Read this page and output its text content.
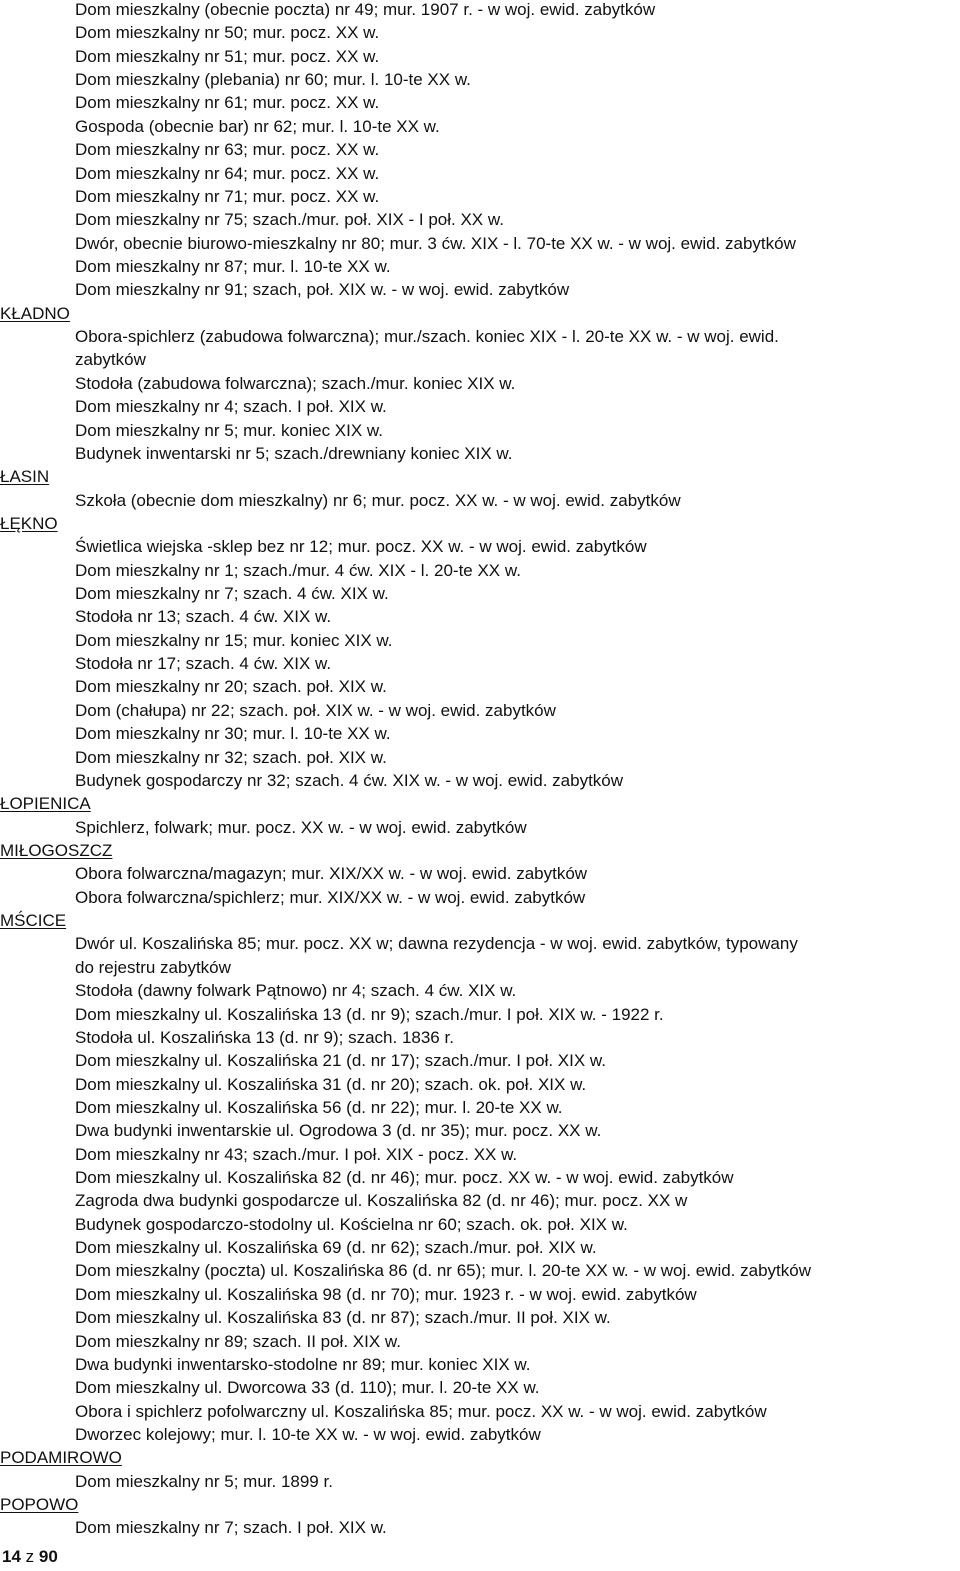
Dom mieszkalny (obecnie poczta) nr 49; mur. 1907 r. - w woj. ewid. zabytków
Dom mieszkalny nr 50; mur. pocz. XX w.
Dom mieszkalny nr 51; mur. pocz. XX w.
Dom mieszkalny (plebania) nr 60; mur. l. 10-te XX w.
Dom mieszkalny nr 61; mur. pocz. XX w.
Gospoda (obecnie bar) nr 62; mur. l. 10-te XX w.
Dom mieszkalny nr 63; mur. pocz. XX w.
Dom mieszkalny nr 64; mur. pocz. XX w.
Dom mieszkalny nr 71; mur. pocz. XX w.
Dom mieszkalny nr 75; szach./mur. poł. XIX - I poł. XX w.
Dwór, obecnie biurowo-mieszkalny nr 80; mur. 3 ćw. XIX - l. 70-te XX w. - w woj. ewid. zabytków
Dom mieszkalny nr 87; mur. l. 10-te XX w.
Dom mieszkalny nr 91; szach, poł. XIX w. - w woj. ewid. zabytków
KŁADNO
Obora-spichlerz (zabudowa folwarczna); mur./szach. koniec XIX - l. 20-te XX w. - w woj. ewid.
zabytków
Stodoła (zabudowa folwarczna); szach./mur. koniec XIX w.
Dom mieszkalny nr 4; szach. I poł. XIX w.
Dom mieszkalny nr 5; mur. koniec XIX w.
Budynek inwentarski nr 5; szach./drewniany koniec XIX w.
ŁASIN
Szkoła (obecnie dom mieszkalny) nr 6; mur. pocz. XX w. - w woj. ewid. zabytków
ŁĘKNO
Świetlica wiejska -sklep bez nr 12; mur. pocz. XX w. - w woj. ewid. zabytków
Dom mieszkalny nr 1; szach./mur. 4 ćw. XIX - l. 20-te XX w.
Dom mieszkalny nr 7; szach. 4 ćw. XIX w.
Stodoła nr 13; szach. 4 ćw. XIX w.
Dom mieszkalny nr 15; mur. koniec XIX w.
Stodoła nr 17; szach. 4 ćw. XIX w.
Dom mieszkalny nr 20; szach. poł. XIX w.
Dom (chałupa) nr 22; szach. poł. XIX w. - w woj. ewid. zabytków
Dom mieszkalny nr 30; mur. l. 10-te XX w.
Dom mieszkalny nr 32; szach. poł. XIX w.
Budynek gospodarczy nr 32; szach. 4 ćw. XIX w. - w woj. ewid. zabytków
ŁOPIENICA
Spichlerz, folwark; mur. pocz. XX w. - w woj. ewid. zabytków
MIŁOGOSZCZ
Obora folwarczna/magazyn; mur. XIX/XX w. - w woj. ewid. zabytków
Obora folwarczna/spichlerz; mur. XIX/XX w. - w woj. ewid. zabytków
MŚCICE
Dwór ul. Koszalińska 85; mur. pocz. XX w; dawna rezydencja - w woj. ewid. zabytków, typowany
do rejestru zabytków
Stodoła (dawny folwark Pątnowo) nr 4; szach. 4 ćw. XIX w.
Dom mieszkalny ul. Koszalińska 13 (d. nr 9); szach./mur. I poł. XIX w. - 1922 r.
Stodoła ul. Koszalińska 13 (d. nr 9); szach. 1836 r.
Dom mieszkalny ul. Koszalińska 21 (d. nr 17); szach./mur. I poł. XIX w.
Dom mieszkalny ul. Koszalińska 31 (d. nr 20); szach. ok. poł. XIX w.
Dom mieszkalny ul. Koszalińska 56 (d. nr 22); mur. l. 20-te XX w.
Dwa budynki inwentarskie ul. Ogrodowa 3 (d. nr 35); mur. pocz. XX w.
Dom mieszkalny nr 43; szach./mur. I poł. XIX - pocz. XX w.
Dom mieszkalny ul. Koszalińska 82 (d. nr 46); mur. pocz. XX w. - w woj. ewid. zabytków
Zagroda dwa budynki gospodarcze ul. Koszalińska 82 (d. nr 46); mur. pocz. XX w
Budynek gospodarczo-stodolny ul. Kościelna nr 60; szach. ok. poł. XIX w.
Dom mieszkalny ul. Koszalińska 69 (d. nr 62); szach./mur. poł. XIX w.
Dom mieszkalny (poczta) ul. Koszalińska 86 (d. nr 65); mur. l. 20-te XX w. - w woj. ewid. zabytków
Dom mieszkalny ul. Koszalińska 98 (d. nr 70); mur. 1923 r. - w woj. ewid. zabytków
Dom mieszkalny ul. Koszalińska 83 (d. nr 87); szach./mur. II poł. XIX w.
Dom mieszkalny nr 89; szach. II poł. XIX w.
Dwa budynki inwentarsko-stodolne nr 89; mur. koniec XIX w.
Dom mieszkalny ul. Dworcowa 33 (d. 110); mur. l. 20-te XX w.
Obora i spichlerz pofolwarczny ul. Koszalińska 85; mur. pocz. XX w. - w woj. ewid. zabytków
Dworzec kolejowy; mur. l. 10-te XX w. - w woj. ewid. zabytków
PODAMIROWO
Dom mieszkalny nr 5; mur. 1899 r.
POPOWO
Dom mieszkalny nr 7; szach. I poł. XIX w.
14 z 90
